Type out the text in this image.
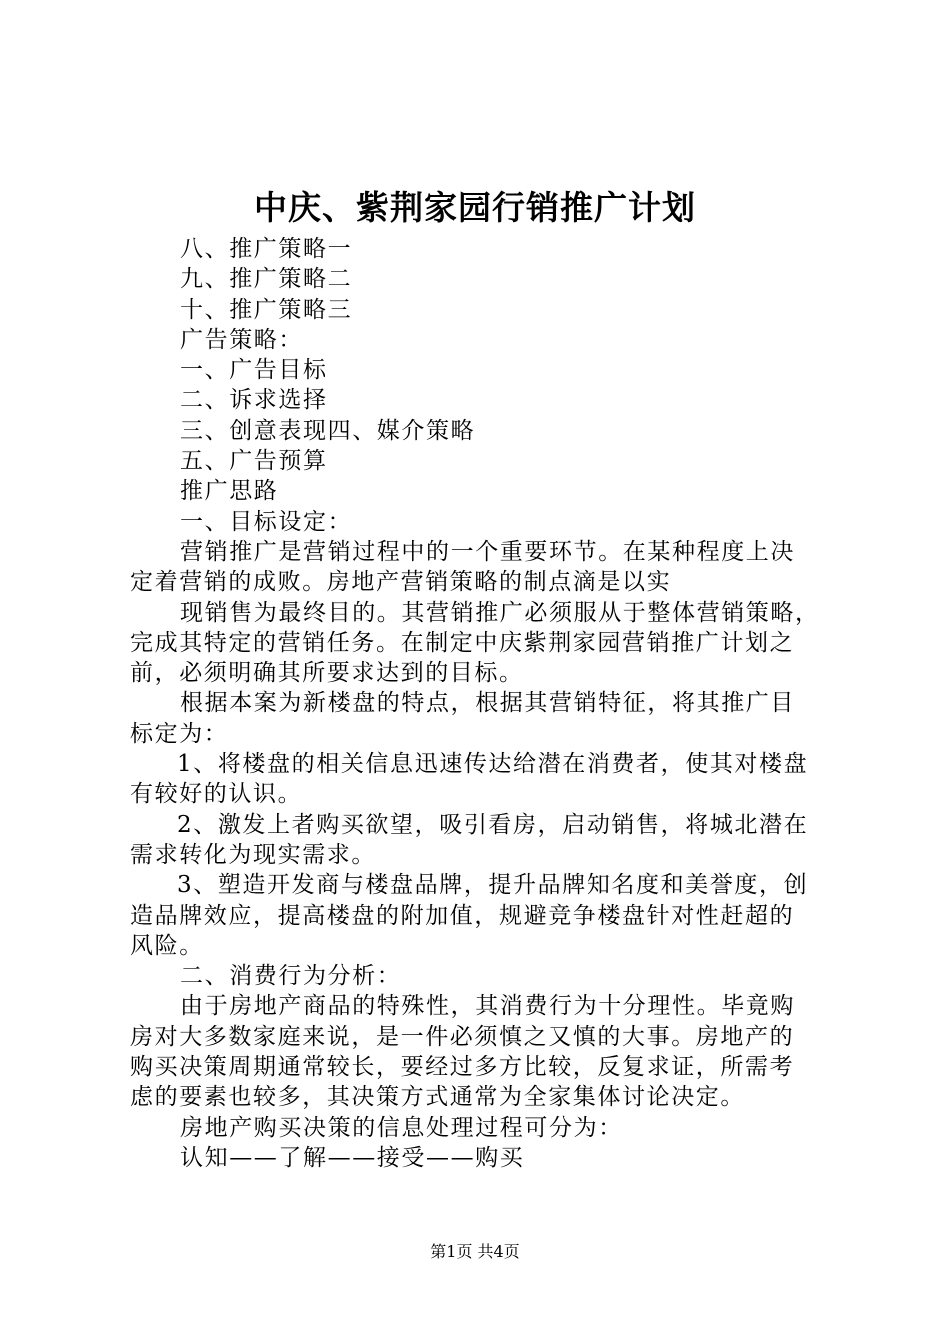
中庆、紫荆家园行销推广计划
八、推广策略一
九、推广策略二
十、推广策略三
广告策略：
一、广告目标
二、诉求选择
三、创意表现四、媒介策略
五、广告预算
推广思路
一、目标设定：
营销推广是营销过程中的一个重要环节。在某种程度上决
定着营销的成败。房地产营销策略的制点滴是以实
现销售为最终目的。其营销推广必须服从于整体营销策略，
完成其特定的营销任务。在制定中庆紫荆家园营销推广计划之
前，必须明确其所要求达到的目标。
根据本案为新楼盘的特点，根据其营销特征，将其推广目
标定为：
1、将楼盘的相关信息迅速传达给潜在消费者，使其对楼盘
有较好的认识。
2、激发上者购买欲望，吸引看房，启动销售，将城北潜在
需求转化为现实需求。
3、塑造开发商与楼盘品牌，提升品牌知名度和美誉度，创
造品牌效应，提高楼盘的附加值，规避竞争楼盘针对性赶超的
风险。
二、消费行为分析：
由于房地产商品的特殊性，其消费行为十分理性。毕竟购
房对大多数家庭来说，是一件必须慎之又慎的大事。房地产的
购买决策周期通常较长，要经过多方比较，反复求证，所需考
虑的要素也较多，其决策方式通常为全家集体讨论决定。
房地产购买决策的信息处理过程可分为：
认知——了解——接受——购买
第1页 共4页
